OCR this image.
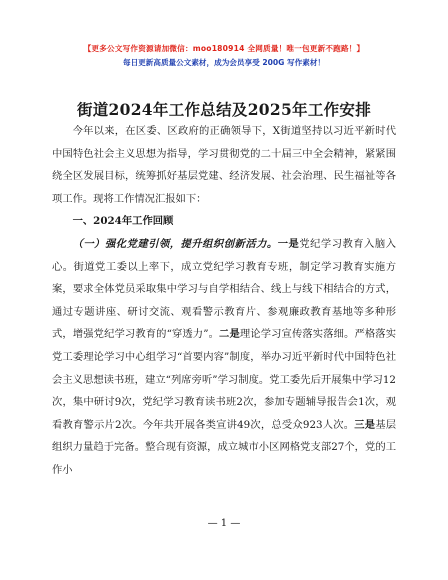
【更多公文写作资源请加微信：moo180914 全网质量！唯一包更新不跑路！】
每日更新高质量公文素材，成为会员享受 200G 写作素材！
街道2024年工作总结及2025年工作安排

今年以来，在区委、区政府的正确领导下，X街道坚持以习近平新时代中国特色社会主义思想为指导，学习贯彻党的二十届三中全会精神，紧紧围绕全区发展目标，统筹抓好基层党建、经济发展、社会治理、民生福祉等各项工作。现将工作情况汇报如下：

一、2024年工作回顾

（一）强化党建引领，提升组织创新活力。一是党纪学习教育入脑入心。街道党工委以上率下，成立党纪学习教育专班，制定学习教育实施方案，要求全体党员采取集中学习与自学相结合、线上与线下相结合的方式，通过专题讲座、研讨交流、观看警示教育片、参观廉政教育基地等多种形式，增强党纪学习教育的“穿透力”。二是理论学习宣传落实落细。严格落实党工委理论学习中心组学习“首要内容”制度，举办习近平新时代中国特色社会主义思想读书班，建立“列席旁听”学习制度。党工委先后开展集中学习12次，集中研讨9次，党纪学习教育读书班2次，参加专题辅导报告会1次，观看教育警示片2次。今年共开展各类宣讲49次，总受众923人次。三是基层组织力量趋于完备。整合现有资源，成立城市小区网格党支部27个，党的工作小

— 1 —
